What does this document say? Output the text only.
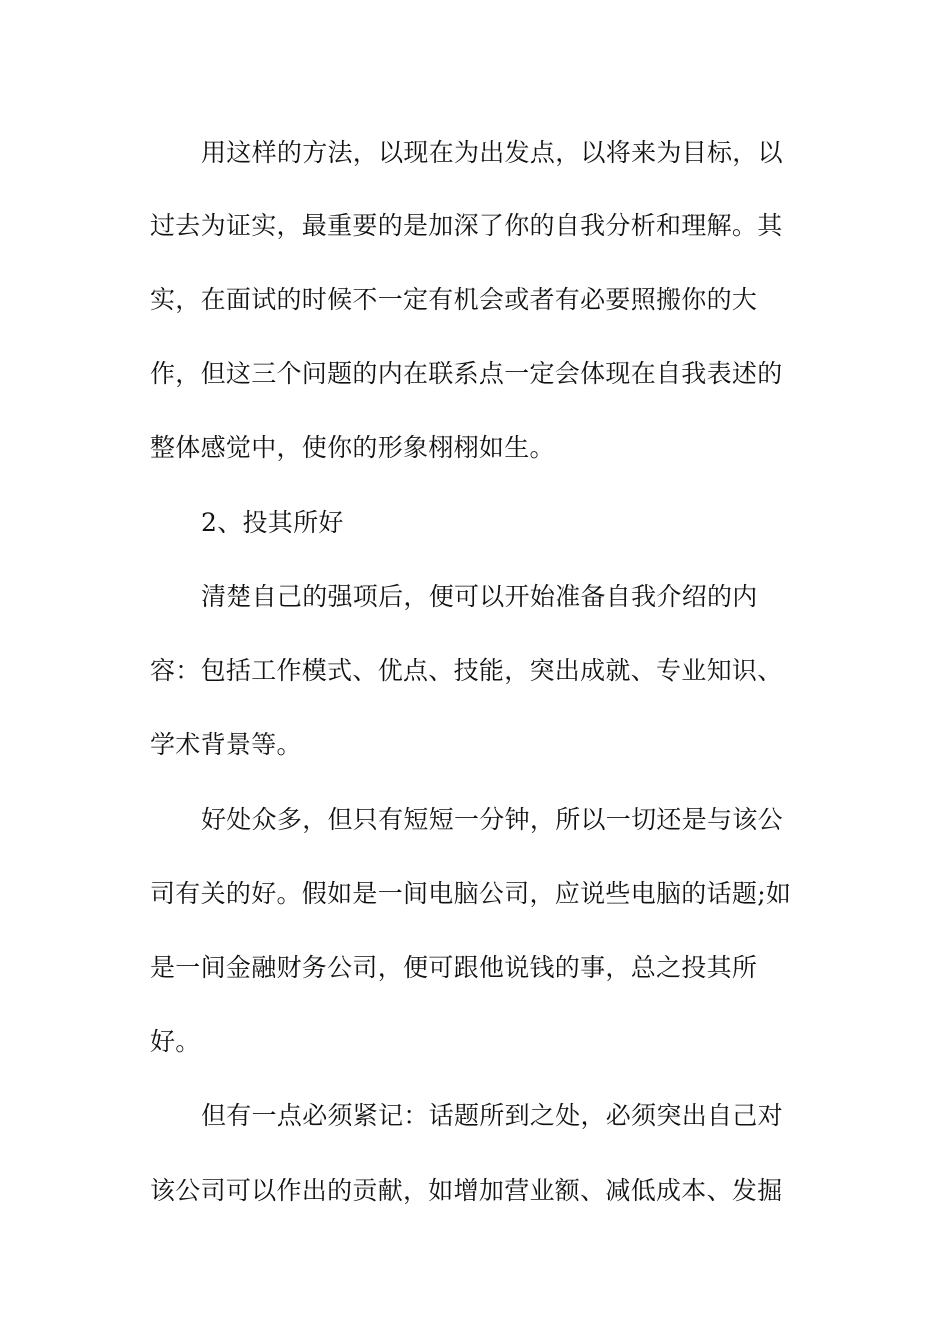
用这样的方法，以现在为出发点，以将来为目标，以
过去为证实，最重要的是加深了你的自我分析和理解。其
实，在面试的时候不一定有机会或者有必要照搬你的大
作，但这三个问题的内在联系点一定会体现在自我表述的
整体感觉中，使你的形象栩栩如生。
2、投其所好
清楚自己的强项后，便可以开始准备自我介绍的内
容：包括工作模式、优点、技能，突出成就、专业知识、
学术背景等。
好处众多，但只有短短一分钟，所以一切还是与该公
司有关的好。假如是一间电脑公司，应说些电脑的话题;如
是一间金融财务公司，便可跟他说钱的事，总之投其所
好。
但有一点必须紧记：话题所到之处，必须突出自己对
该公司可以作出的贡献，如增加营业额、减低成本、发掘
